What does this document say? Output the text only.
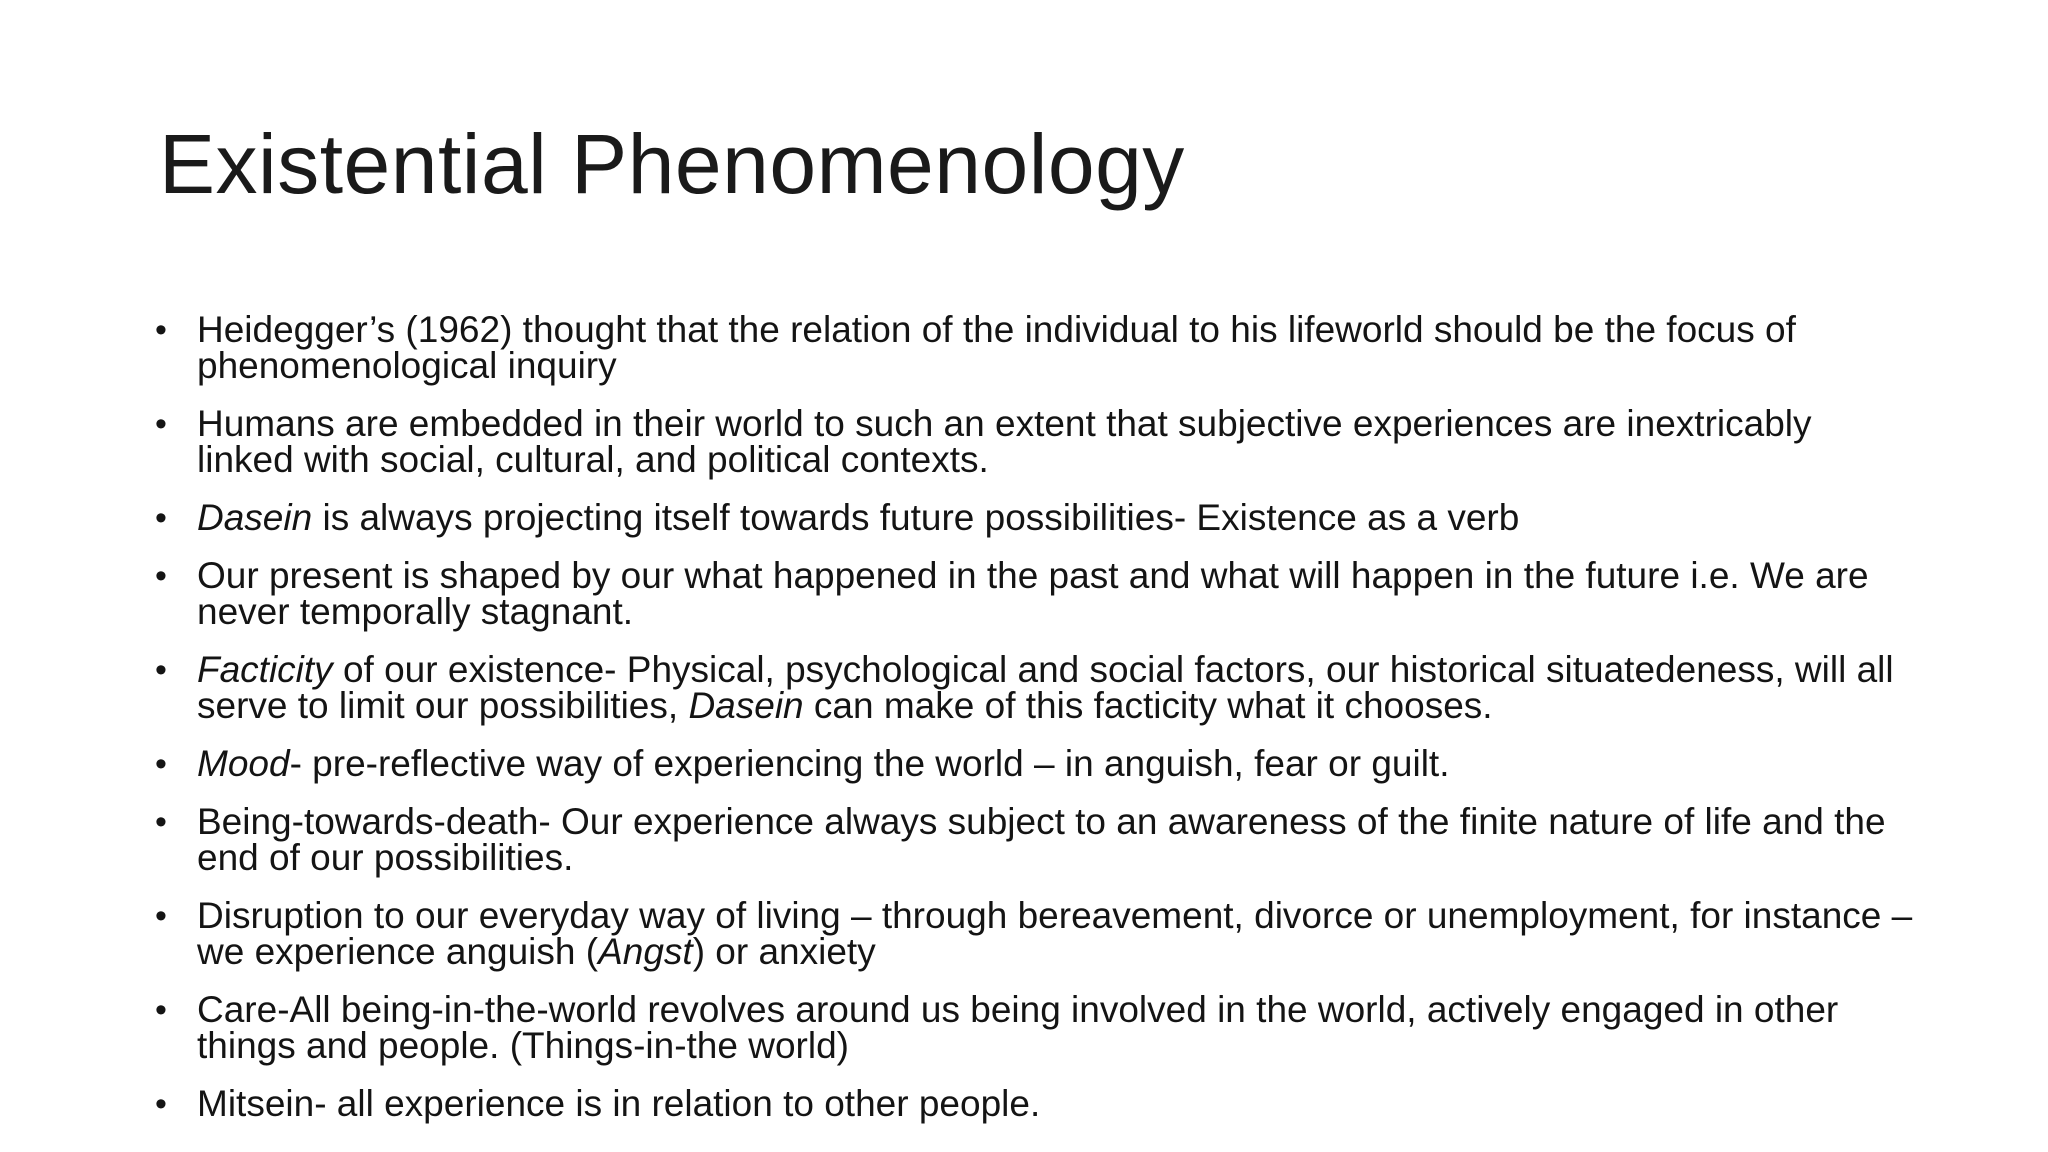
Existential Phenomenology
• Heidegger’s (1962) thought that the relation of the individual to his lifeworld should be the focus of phenomenological inquiry
• Humans are embedded in their world to such an extent that subjective experiences are inextricably linked with social, cultural, and political contexts.
• Dasein is always projecting itself towards future possibilities- Existence as a verb
• Our present is shaped by our what happened in the past and what will happen in the future i.e. We are never temporally stagnant.
• Facticity of our existence- Physical, psychological and social factors, our historical situatedeness, will all serve to limit our possibilities, Dasein can make of this facticity what it chooses.
• Mood- pre-reflective way of experiencing the world – in anguish, fear or guilt.
• Being-towards-death- Our experience always subject to an awareness of the finite nature of life and the end of our possibilities.
• Disruption to our everyday way of living – through bereavement, divorce or unemployment, for instance – we experience anguish (Angst) or anxiety
• Care-All being-in-the-world revolves around us being involved in the world, actively engaged in other things and people. (Things-in-the world)
• Mitsein- all experience is in relation to other people.
